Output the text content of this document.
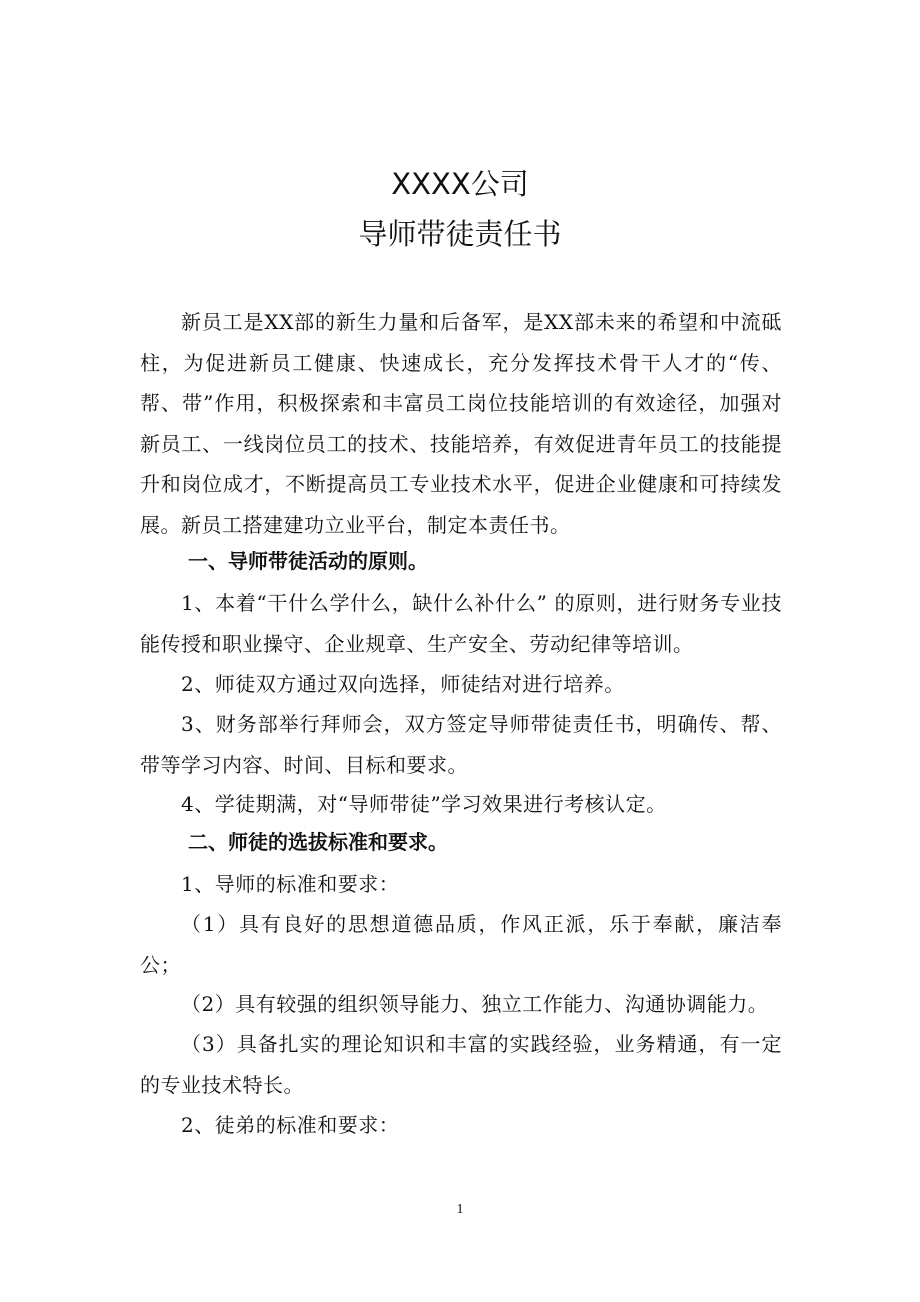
XXXX公司
导师带徒责任书
新员工是XX部的新生力量和后备军，是XX部未来的希望和中流砥柱，为促进新员工健康、快速成长，充分发挥技术骨干人才的“传、帮、带”作用，积极探索和丰富员工岗位技能培训的有效途径，加强对新员工、一线岗位员工的技术、技能培养，有效促进青年员工的技能提升和岗位成才，不断提高员工专业技术水平，促进企业健康和可持续发展。新员工搭建建功立业平台，制定本责任书。
一、导师带徒活动的原则。
1、本着“干什么学什么，缺什么补什么” 的原则，进行财务专业技能传授和职业操守、企业规章、生产安全、劳动纪律等培训。
2、师徒双方通过双向选择，师徒结对进行培养。
3、财务部举行拜师会，双方签定导师带徒责任书，明确传、帮、带等学习内容、时间、目标和要求。
4、学徒期满，对“导师带徒”学习效果进行考核认定。
二、师徒的选拔标准和要求。
1、导师的标准和要求：
（1）具有良好的思想道德品质，作风正派，乐于奉献，廉洁奉公；
（2）具有较强的组织领导能力、独立工作能力、沟通协调能力。
（3）具备扎实的理论知识和丰富的实践经验，业务精通，有一定的专业技术特长。
2、徒弟的标准和要求：
1
